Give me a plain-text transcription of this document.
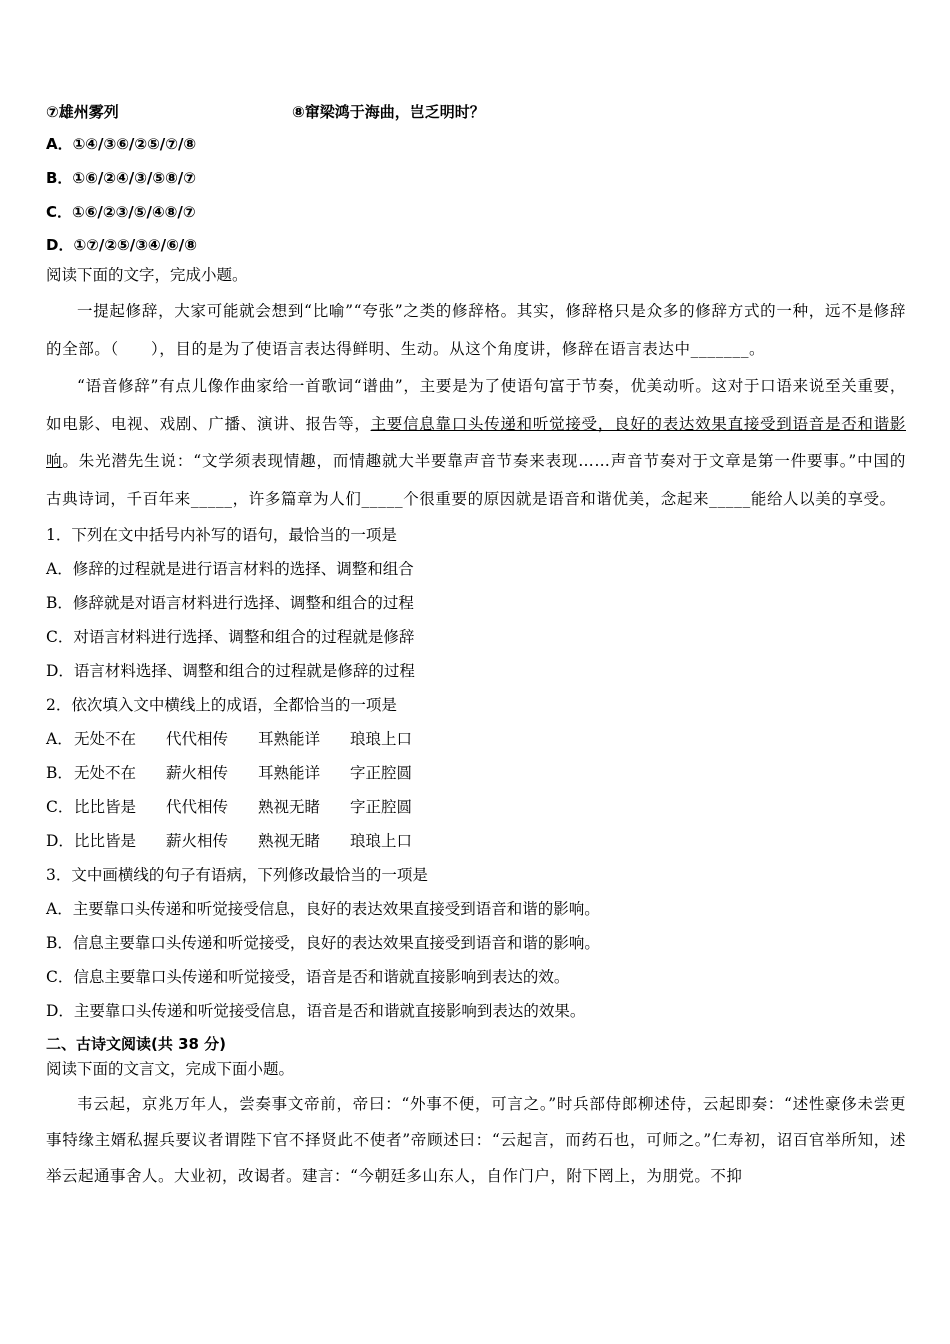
⑦雄州雾列	⑧窜梁鸿于海曲，岂乏明时？
A．①④/③⑥/②⑤/⑦/⑧
B．①⑥/②④/③/⑤⑧/⑦
C．①⑥/②③/⑤/④⑧/⑦
D．①⑦/②⑤/③④/⑥/⑧
阅读下面的文字，完成小题。
一提起修辞，大家可能就会想到“比喻”“夸张”之类的修辞格。其实，修辞格只是众多的修辞方式的一种，远不是修辞的全部。（　　），目的是为了使语言表达得鲜明、生动。从这个角度讲，修辞在语言表达中_______。
“语音修辞”有点儿像作曲家给一首歌词“谱曲”，主要是为了使语句富于节奏，优美动听。这对于口语来说至关重要，如电影、电视、戏剧、广播、演讲、报告等，主要信息靠口头传递和听觉接受，良好的表达效果直接受到语音是否和谐影响。朱光潜先生说：“文学须表现情趣，而情趣就大半要靠声音节奏来表现……声音节奏对于文章是第一件要事。”中国的古典诗词，千百年来_____，许多篇章为人们_____个很重要的原因就是语音和谐优美，念起来_____能给人以美的享受。
1．下列在文中括号内补写的语句，最恰当的一项是
A．修辞的过程就是进行语言材料的选择、调整和组合
B．修辞就是对语言材料进行选择、调整和组合的过程
C．对语言材料进行选择、调整和组合的过程就是修辞
D．语言材料选择、调整和组合的过程就是修辞的过程
2．依次填入文中横线上的成语，全都恰当的一项是
A． 无处不在	代代相传	耳熟能详	琅琅上口
B． 无处不在	薪火相传	耳熟能详	字正腔圆
C． 比比皆是	代代相传	熟视无睹	字正腔圆
D． 比比皆是	薪火相传	熟视无睹	琅琅上口
3．文中画横线的句子有语病，下列修改最恰当的一项是
A．主要靠口头传递和听觉接受信息，良好的表达效果直接受到语音和谐的影响。
B．信息主要靠口头传递和听觉接受，良好的表达效果直接受到语音和谐的影响。
C．信息主要靠口头传递和听觉接受，语音是否和谐就直接影响到表达的效。
D．主要靠口头传递和听觉接受信息，语音是否和谐就直接影响到表达的效果。
二、古诗文阅读(共 38 分)
阅读下面的文言文，完成下面小题。
韦云起，京兆万年人，尝奏事文帝前，帝曰：“外事不便，可言之。”时兵部侍郎柳述侍，云起即奏：“述性豪侈未尝更事特缘主婿私握兵要议者谓陛下官不择贤此不使者”帝顾述曰：“云起言，而药石也，可师之。”仁寿初，诏百官举所知，述举云起通事舍人。大业初，改谒者。建言：“今朝廷多山东人，自作门户，附下罔上，为朋党。不抑
